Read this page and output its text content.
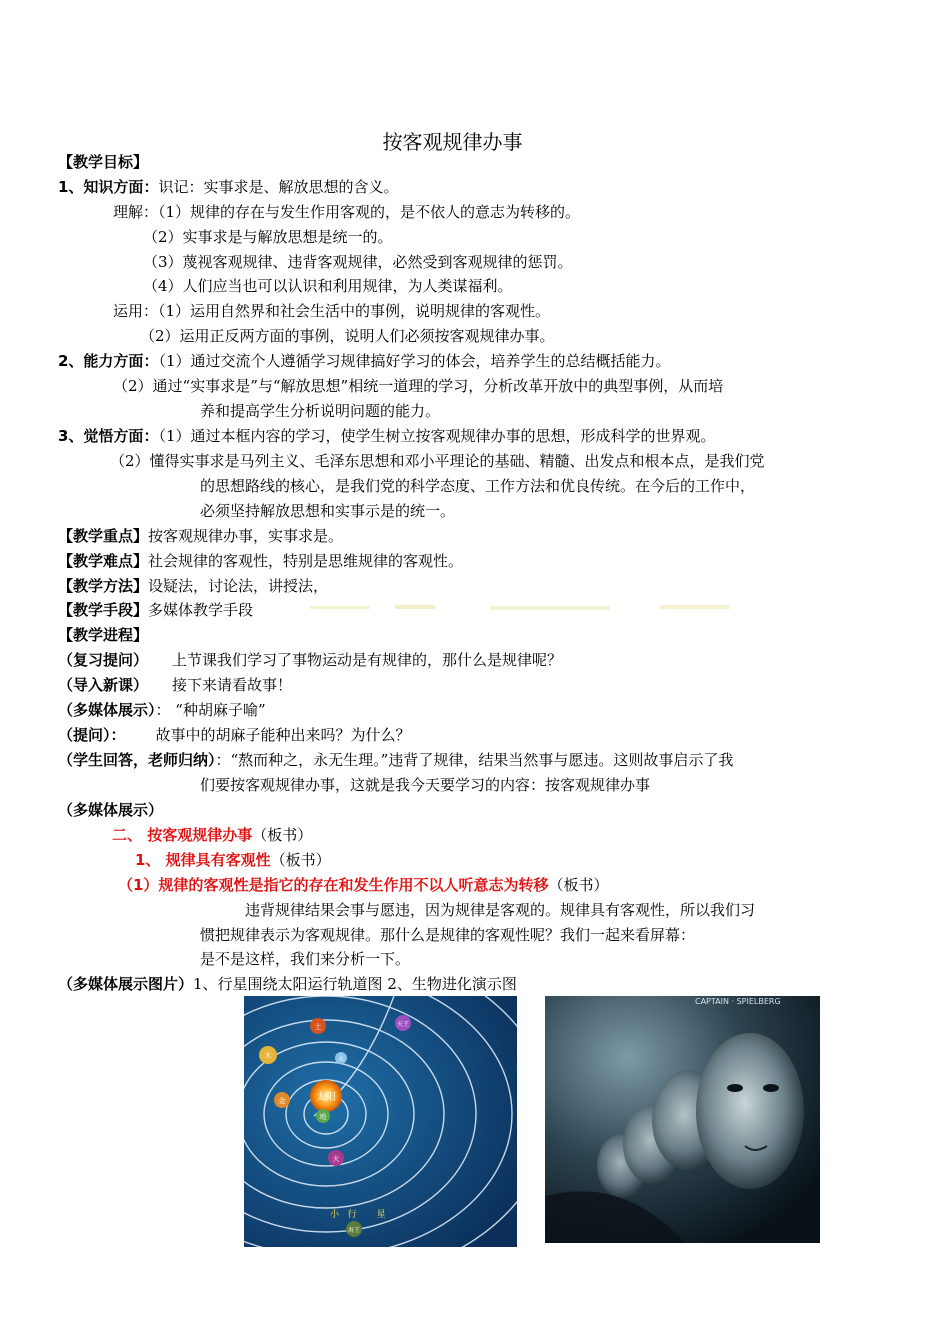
按客观规律办事
【教学目标】
1、知识方面：识记：实事求是、解放思想的含义。
理解：（1）规律的存在与发生作用客观的，是不依人的意志为转移的。
（2）实事求是与解放思想是统一的。
（3）蔑视客观规律、违背客观规律，必然受到客观规律的惩罚。
（4）人们应当也可以认识和利用规律，为人类谋福利。
运用：（1）运用自然界和社会生活中的事例，说明规律的客观性。
（2）运用正反两方面的事例，说明人们必须按客观规律办事。
2、能力方面：（1）通过交流个人遵循学习规律搞好学习的体会，培养学生的总结概括能力。
（2）通过“实事求是”与“解放思想”相统一道理的学习，分析改革开放中的典型事例，从而培
养和提高学生分析说明问题的能力。
3、觉悟方面：（1）通过本框内容的学习，使学生树立按客观规律办事的思想，形成科学的世界观。
（2）懂得实事求是马列主义、毛泽东思想和邓小平理论的基础、精髓、出发点和根本点，是我们党
的思想路线的核心，是我们党的科学态度、工作方法和优良传统。在今后的工作中，
必须坚持解放思想和实事示是的统一。
【教学重点】按客观规律办事，实事求是。
【教学难点】社会规律的客观性，特别是思维规律的客观性。
【教学方法】设疑法，讨论法，讲授法，
【教学手段】多媒体教学手段
【教学进程】
（复习提问） 上节课我们学习了事物运动是有规律的，那什么是规律呢？
（导入新课） 接下来请看故事！
（多媒体展示）： “种胡麻子喻”
（提问）： 故事中的胡麻子能种出来吗？为什么？
（学生回答，老师归纳）：“熬而种之，永无生理。”违背了规律，结果当然事与愿违。这则故事启示了我
们要按客观规律办事，这就是我今天要学习的内容：按客观规律办事
（多媒体展示）
二、 按客观规律办事（板书）
1、 规律具有客观性（板书）
（1）规律的客观性是指它的存在和发生作用不以人听意志为转移（板书）
违背规律结果会事与愿违，因为规律是客观的。规律具有客观性，所以我们习
惯把规律表示为客观规律。那什么是规律的客观性呢？我们一起来看屏幕：
是不是这样，我们来分析一下。
（多媒体展示图片）1、行星围绕太阳运行轨道图 2、生物进化演示图
太阳
地
水
金
火
木
土	天王
海王
小   行       星
CAPTAIN · SPIELBERG
